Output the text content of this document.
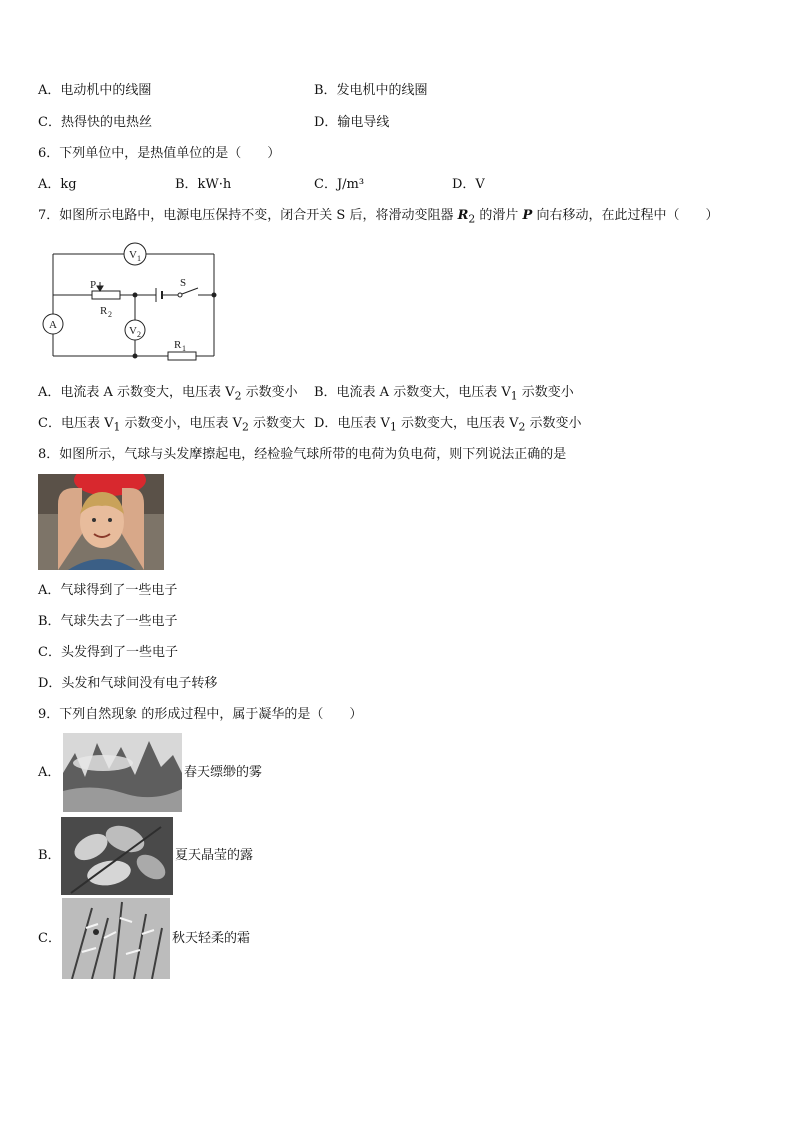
A．电动机中的线圈	B．发电机中的线圈
C．热得快的电热丝	D．输电导线
6．下列单位中，是热值单位的是（　　）
A．kg	B．kW·h	C．J/m³	D．V
7．如图所示电路中，电源电压保持不变，闭合开关 S 后，将滑动变阻器 $R_2$ 的滑片 P 向右移动，在此过程中（　　）
V 1
A
P
R 2
S
V 2
R 1
A．电流表 A 示数变大，电压表 $V_2$ 示数变小 B．电流表 A 示数变大，电压表 $V_1$ 示数变小
C．电压表 $V_1$ 示数变小，电压表 $V_2$ 示数变大 D．电压表 $V_1$ 示数变大，电压表 $V_2$ 示数变小
8．如图所示，气球与头发摩擦起电，经检验气球所带的电荷为负电荷，则下列说法正确的是
A．气球得到了一些电子
B．气球失去了一些电子
C．头发得到了一些电子
D．头发和气球间没有电子转移
9．下列自然现象 的形成过程中，属于凝华的是（　　）
A．	春天缥缈的雾
B．	夏天晶莹的露
C．	秋天轻柔的霜
